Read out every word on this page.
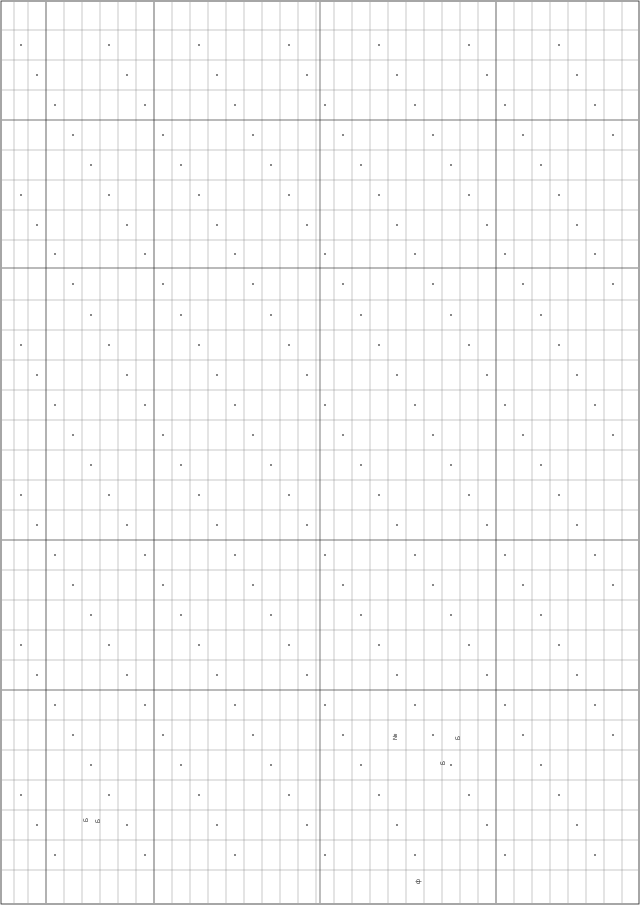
Б
ф
№
Б
Б
Б
